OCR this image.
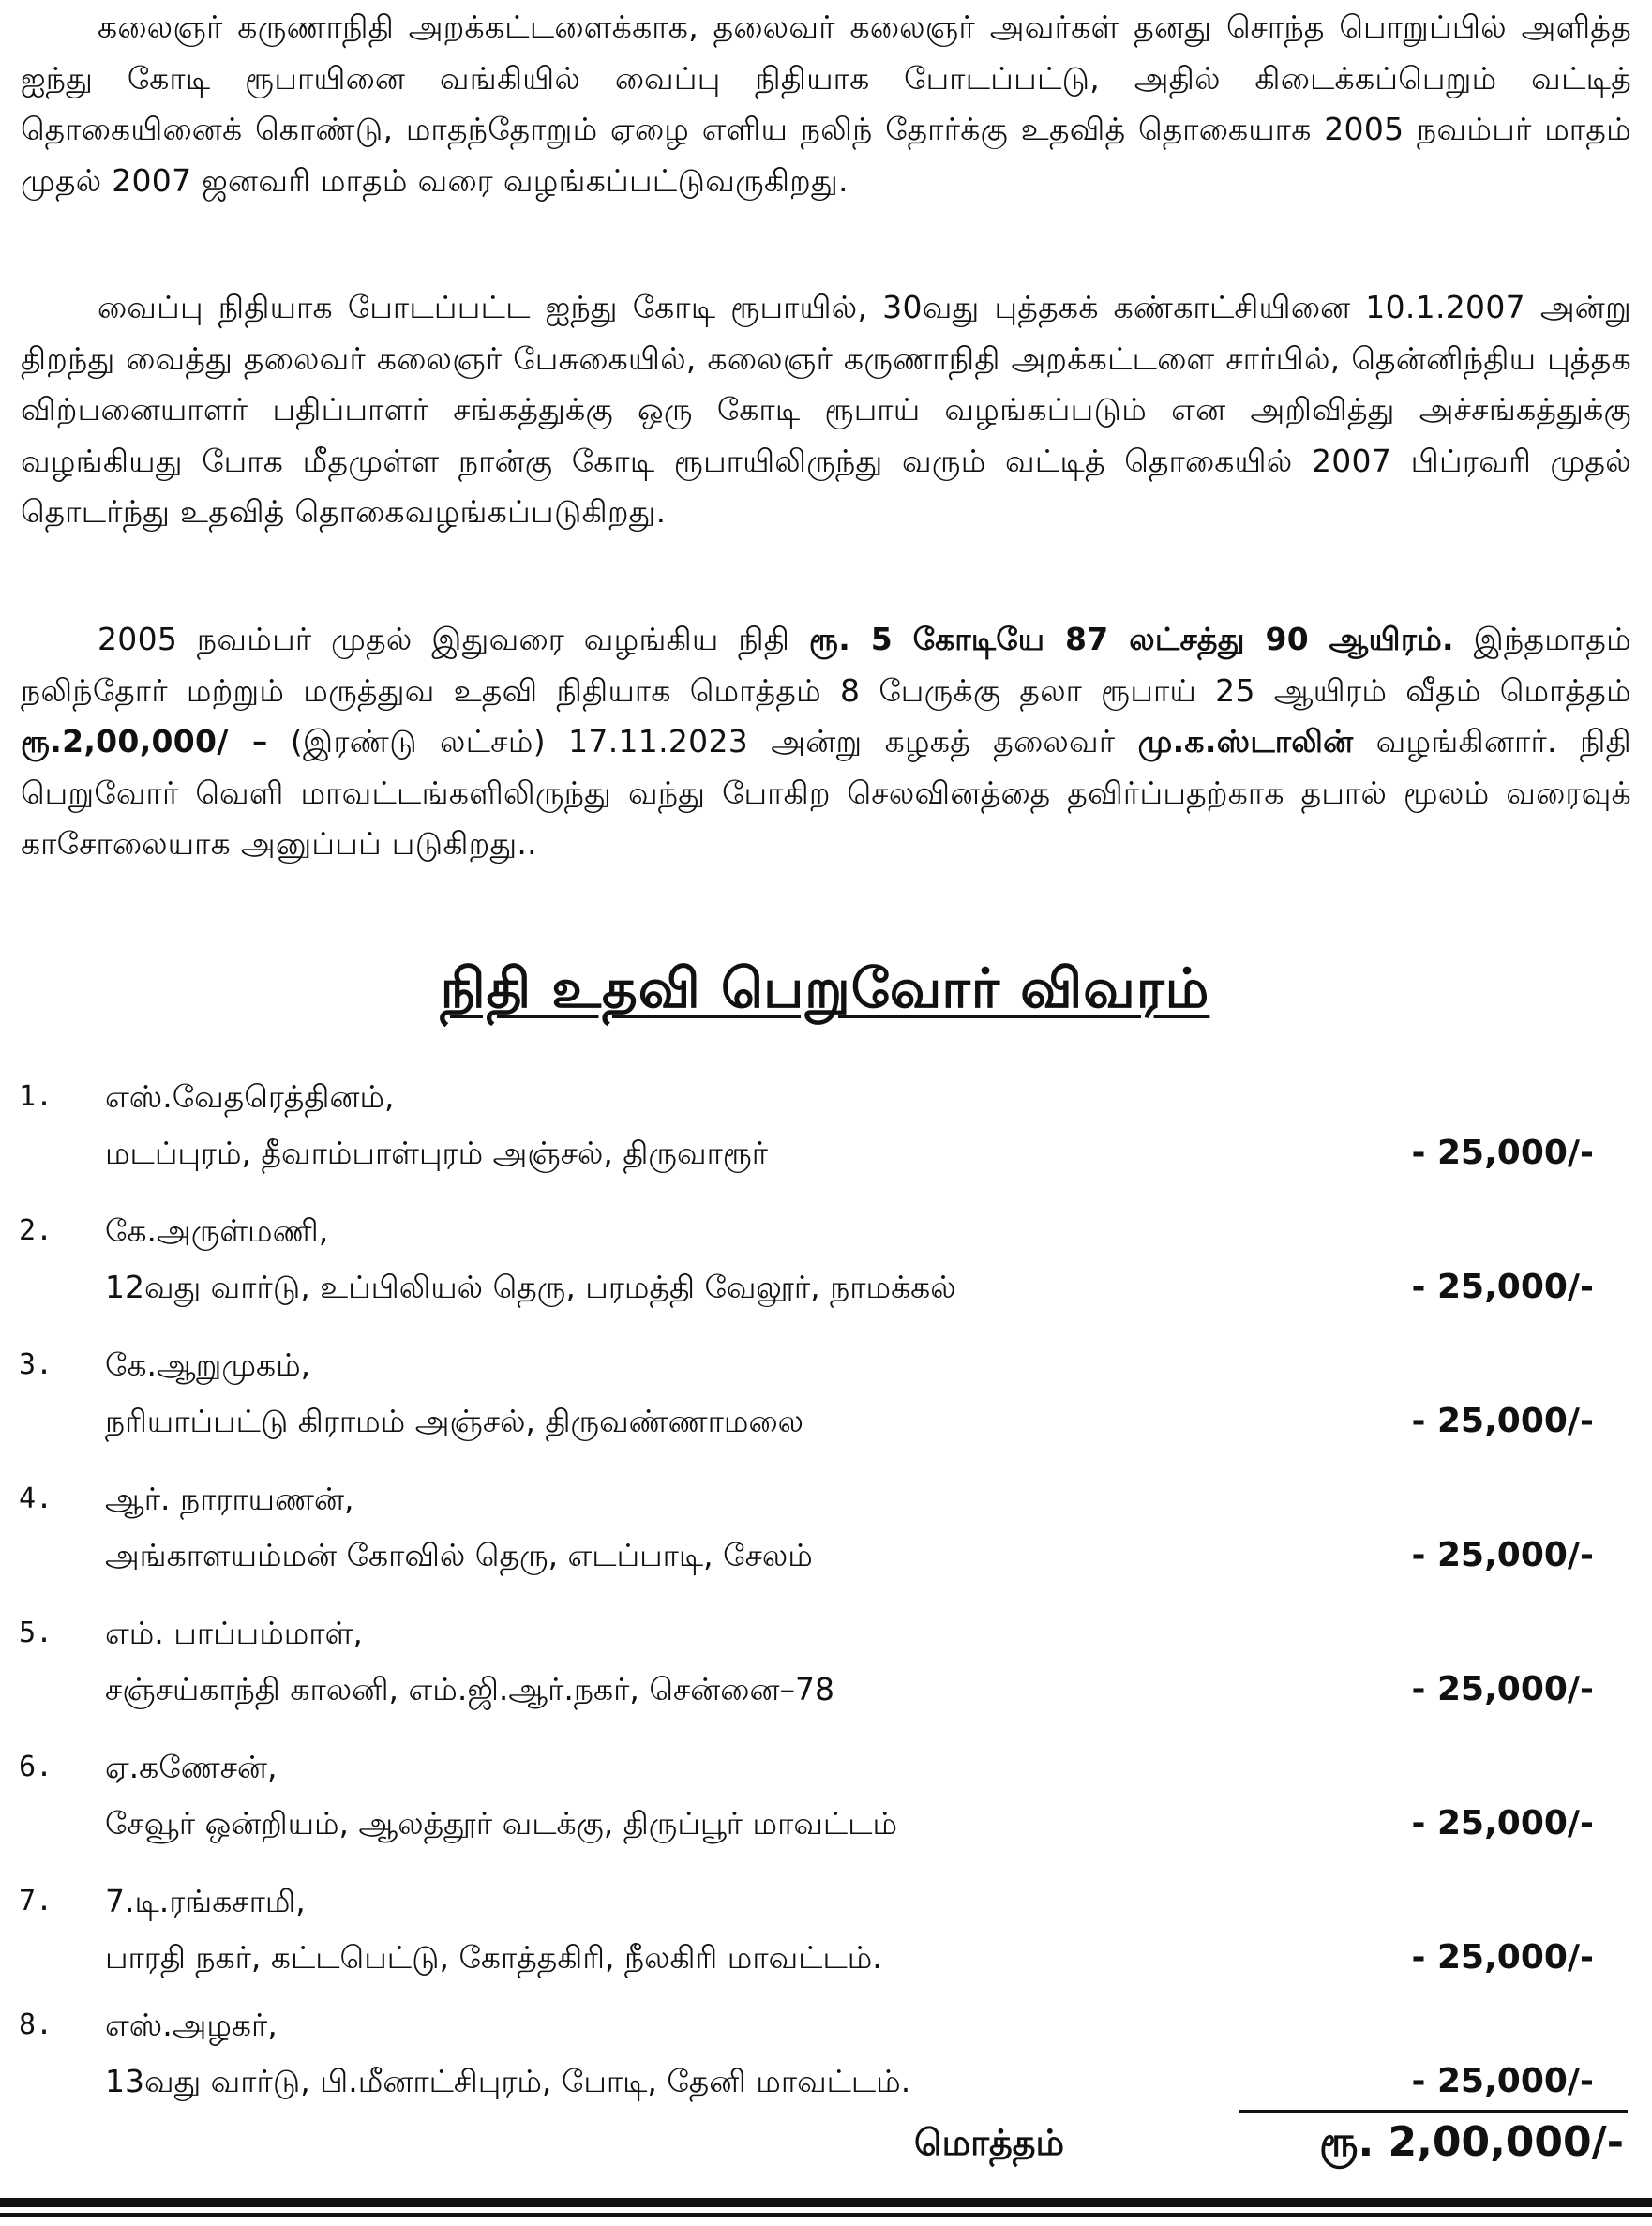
கலைஞர் கருணாநிதி அறக்கட்டளைக்காக, தலைவர் கலைஞர் அவர்கள் தனது சொந்த பொறுப்பில் அளித்த ஐந்து கோடி ரூபாயினை வங்கியில் வைப்பு நிதியாக போடப்பட்டு, அதில் கிடைக்கப்பெறும் வட்டித் தொகையினைக் கொண்டு, மாதந்தோறும் ஏழை எளிய நலிந் தோர்க்கு உதவித் தொகையாக 2005 நவம்பர் மாதம் முதல் 2007 ஜனவரி மாதம் வரை வழங்கப்பட்டுவருகிறது.

வைப்பு நிதியாக போடப்பட்ட ஐந்து கோடி ரூபாயில், 30வது புத்தகக் கண்காட்சியினை 10.1.2007 அன்று திறந்து வைத்து தலைவர் கலைஞர் பேசுகையில், கலைஞர் கருணாநிதி அறக்கட்டளை சார்பில், தென்னிந்திய புத்தக விற்பனையாளர் பதிப்பாளர் சங்கத்துக்கு ஒரு கோடி ரூபாய் வழங்கப்படும் என அறிவித்து அச்சங்கத்துக்கு வழங்கியது போக மீதமுள்ள நான்கு கோடி ரூபாயிலிருந்து வரும் வட்டித் தொகையில் 2007 பிப்ரவரி முதல் தொடர்ந்து உதவித் தொகைவழங்கப்படுகிறது.

2005 நவம்பர் முதல் இதுவரை வழங்கிய நிதி ரூ. 5 கோடியே 87 லட்சத்து 90 ஆயிரம். இந்தமாதம் நலிந்தோர் மற்றும் மருத்துவ உதவி நிதியாக மொத்தம் 8 பேருக்கு தலா ரூபாய் 25 ஆயிரம் வீதம் மொத்தம் ரூ.2,00,000/ – (இரண்டு லட்சம்) 17.11.2023 அன்று கழகத் தலைவர் மு.க.ஸ்டாலின் வழங்கினார். நிதி பெறுவோர் வெளி மாவட்டங்களிலிருந்து வந்து போகிற செலவினத்தை தவிர்ப்பதற்காக தபால் மூலம் வரைவுக் காசோலையாக அனுப்பப் படுகிறது..

நிதி உதவி பெறுவோர் விவரம்
1. எஸ்.வேதரெத்தினம்,
மடப்புரம், தீவாம்பாள்புரம் அஞ்சல், திருவாரூர்	- 25,000/-
2. கே.அருள்மணி,
12வது வார்டு, உப்பிலியல் தெரு, பரமத்தி வேலூர், நாமக்கல்	- 25,000/-
3. கே.ஆறுமுகம்,
நரியாப்பட்டு கிராமம் அஞ்சல், திருவண்ணாமலை	- 25,000/-
4. ஆர். நாராயணன்,
அங்காளயம்மன் கோவில் தெரு, எடப்பாடி, சேலம்	- 25,000/-
5. எம். பாப்பம்மாள்,
சஞ்சய்காந்தி காலனி, எம்.ஜி.ஆர்.நகர், சென்னை–78	- 25,000/-
6. ஏ.கணேசன்,
சேவூர் ஒன்றியம், ஆலத்தூர் வடக்கு, திருப்பூர் மாவட்டம்	- 25,000/-
7. 7.டி.ரங்கசாமி,
பாரதி நகர், கட்டபெட்டு, கோத்தகிரி, நீலகிரி மாவட்டம்.	- 25,000/-
8. எஸ்.அழகர்,
13வது வார்டு, பி.மீனாட்சிபுரம், போடி, தேனி மாவட்டம்.	- 25,000/-
மொத்தம்	ரூ. 2,00,000/-
